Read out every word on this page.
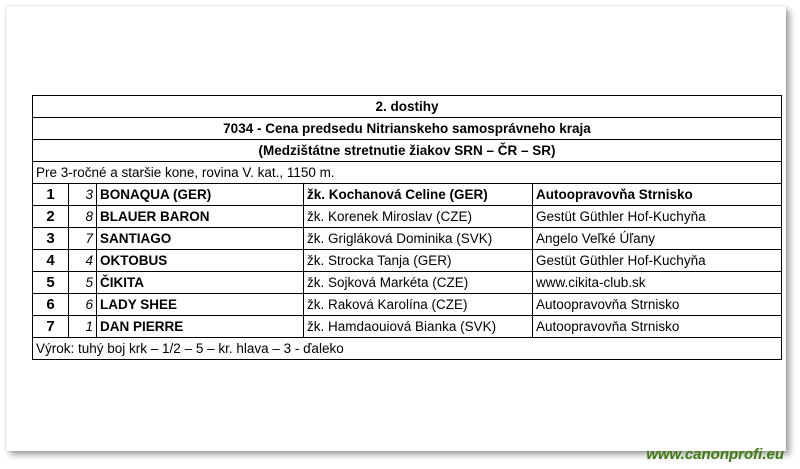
2. dostihy				
7034 - Cena predsedu Nitrianskeho samosprávneho kraja				
(Medzištátne stretnutie žiakov SRN – ČR – SR)				
Pre 3-ročné a staršie kone, rovina V. kat., 1150 m.				
1	3	BONAQUA (GER)	žk. Kochanová Celine (GER)	Autoopravovňa Strnisko
2	8	BLAUER BARON	žk. Korenek Miroslav (CZE)	Gestüt Güthler Hof-Kuchyňa
3	7	SANTIAGO	žk. Grigláková Dominika (SVK)	Angelo Veľké Úľany
4	4	OKTOBUS	žk. Strocka Tanja (GER)	Gestüt Güthler Hof-Kuchyňa
5	5	ČIKITA	žk. Sojková Markéta (CZE)	www.cikita-club.sk
6	6	LADY SHEE	žk. Raková Karolína (CZE)	Autoopravovňa Strnisko
7	1	DAN PIERRE	žk. Hamdaouiová Bianka (SVK)	Autoopravovňa Strnisko
Výrok: tuhý boj krk – 1/2 – 5 – kr. hlava – 3 - ďaleko				
www.canonprofi.eu
